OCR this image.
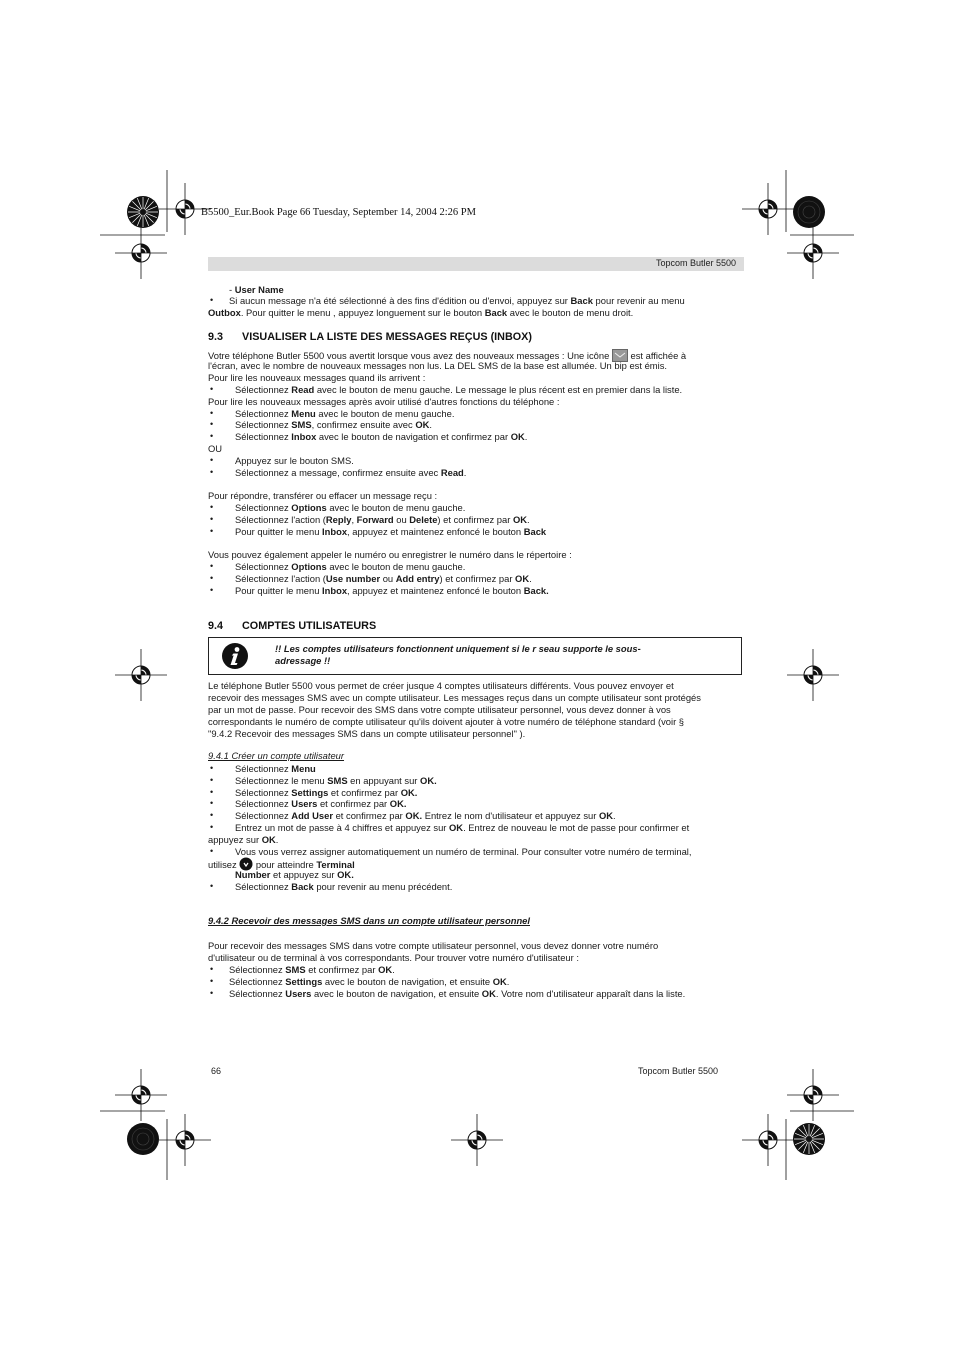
B5500_Eur.Book Page 66 Tuesday, September 14, 2004 2:26 PM
Topcom Butler 5500
- User Name
• Si aucun message n'a été sélectionné à des fins d'édition ou d'envoi, appuyez sur Back pour revenir au menu
Outbox. Pour quitter le menu , appuyez longuement sur le bouton Back avec le bouton de menu droit.
9.3 VISUALISER LA LISTE DES MESSAGES REÇUS (INBOX)
Votre téléphone Butler 5500 vous avertit lorsque vous avez des nouveaux messages : Une icône  est affichée à
l'écran, avec le nombre de nouveaux messages non lus. La DEL SMS de la base est allumée. Un bip est émis.
Pour lire les nouveaux messages quand ils arrivent :
• Sélectionnez Read avec le bouton de menu gauche. Le message le plus récent est en premier dans la liste.
Pour lire les nouveaux messages après avoir utilisé d'autres fonctions du téléphone :
• Sélectionnez Menu avec le bouton de menu gauche.
• Sélectionnez SMS, confirmez ensuite avec OK.
• Sélectionnez Inbox avec le bouton de navigation et confirmez par OK.
OU
• Appuyez sur le bouton SMS.
• Sélectionnez a message, confirmez ensuite avec Read.
Pour répondre, transférer ou effacer un message reçu :
• Sélectionnez Options avec le bouton de menu gauche.
• Sélectionnez l'action (Reply, Forward ou Delete) et confirmez par OK.
• Pour quitter le menu Inbox, appuyez et maintenez enfoncé le bouton Back
Vous pouvez également appeler le numéro ou enregistrer le numéro dans le répertoire :
• Sélectionnez Options avec le bouton de menu gauche.
• Sélectionnez l'action (Use number ou Add entry) et confirmez par OK.
• Pour quitter le menu Inbox, appuyez et maintenez enfoncé le bouton Back.
9.4 COMPTES UTILISATEURS
!! Les comptes utilisateurs fonctionnent uniquement si le r seau supporte le sous-
adressage !!
Le téléphone Butler 5500 vous permet de créer jusque 4 comptes utilisateurs différents. Vous pouvez envoyer et
recevoir des messages SMS avec un compte utilisateur. Les messages reçus dans un compte utilisateur sont protégés
par un mot de passe. Pour recevoir des SMS dans votre compte utilisateur personnel, vous devez donner à vos
correspondants le numéro de compte utilisateur qu'ils doivent ajouter à votre numéro de téléphone standard (voir §
"9.4.2 Recevoir des messages SMS dans un compte utilisateur personnel" ).
9.4.1 Créer un compte utilisateur
• Sélectionnez Menu
• Sélectionnez le menu SMS en appuyant sur OK.
• Sélectionnez Settings et confirmez par OK.
• Sélectionnez Users et confirmez par OK.
• Sélectionnez Add User et confirmez par OK. Entrez le nom d'utilisateur et appuyez sur OK.
• Entrez un mot de passe à 4 chiffres et appuyez sur OK. Entrez de nouveau le mot de passe pour confirmer et
appuyez sur OK.
• Vous vous verrez assigner automatiquement un numéro de terminal. Pour consulter votre numéro de terminal,
utilisez  pour atteindre Terminal
Number et appuyez sur OK.
• Sélectionnez Back pour revenir au menu précédent.
9.4.2 Recevoir des messages SMS dans un compte utilisateur personnel
Pour recevoir des messages SMS dans votre compte utilisateur personnel, vous devez donner votre numéro
d'utilisateur ou de terminal à vos correspondants. Pour trouver votre numéro d'utilisateur :
• Sélectionnez SMS et confirmez par OK.
• Sélectionnez Settings avec le bouton de navigation, et ensuite OK.
• Sélectionnez Users avec le bouton de navigation, et ensuite OK. Votre nom d'utilisateur apparaît dans la liste.
66	Topcom Butler 5500
